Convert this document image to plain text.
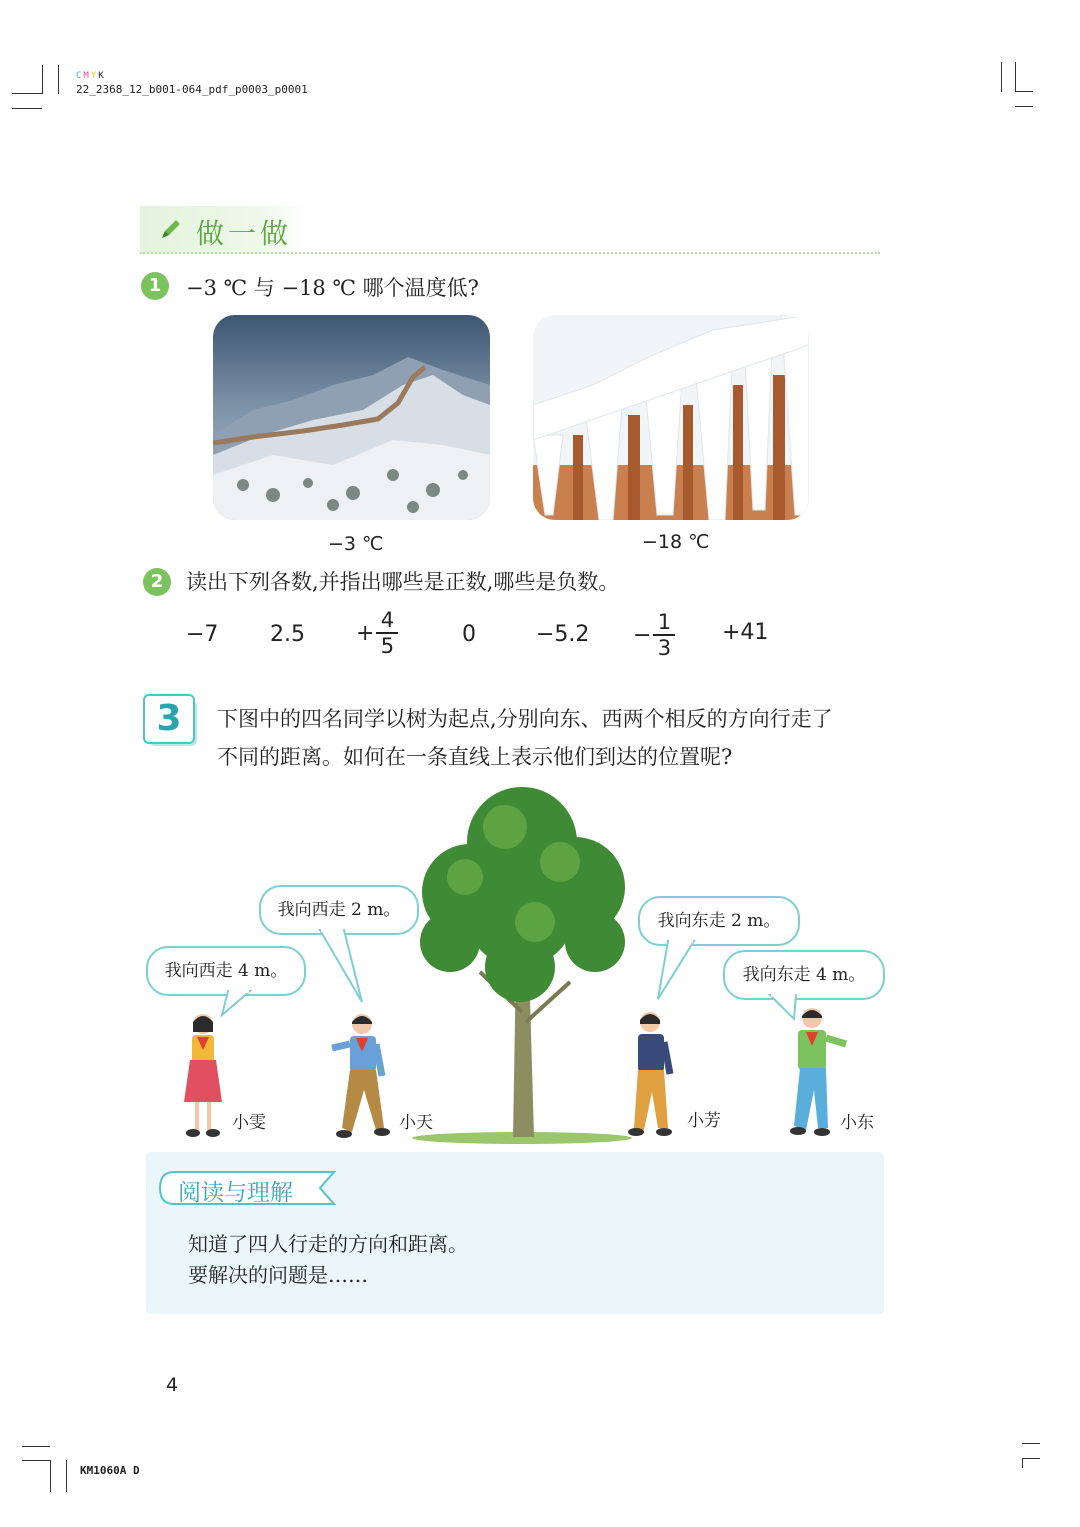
C M Y K
22_2368_12_b001-064_pdf_p0003_p0001
做一做
1	−3 ℃ 与 −18 ℃ 哪个温度低?
−3 ℃	−18 ℃
2	读出下列各数,并指出哪些是正数,哪些是负数。
−7 $2.5 + \frac{4}{5}$	0	$-5.2 - \frac{1}{3} +41$
3	下图中的四名同学以树为起点,分别向东、西两个相反的方向行走了
不同的距离。如何在一条直线上表示他们到达的位置呢?
我向西走 2 m。
我向西走 4 m。
我向东走 2 m。
我向东走 4 m。
小雯	小天	小芳	小东
阅读与理解
知道了四人行走的方向和距离。
要解决的问题是……
4
KM1060A D
